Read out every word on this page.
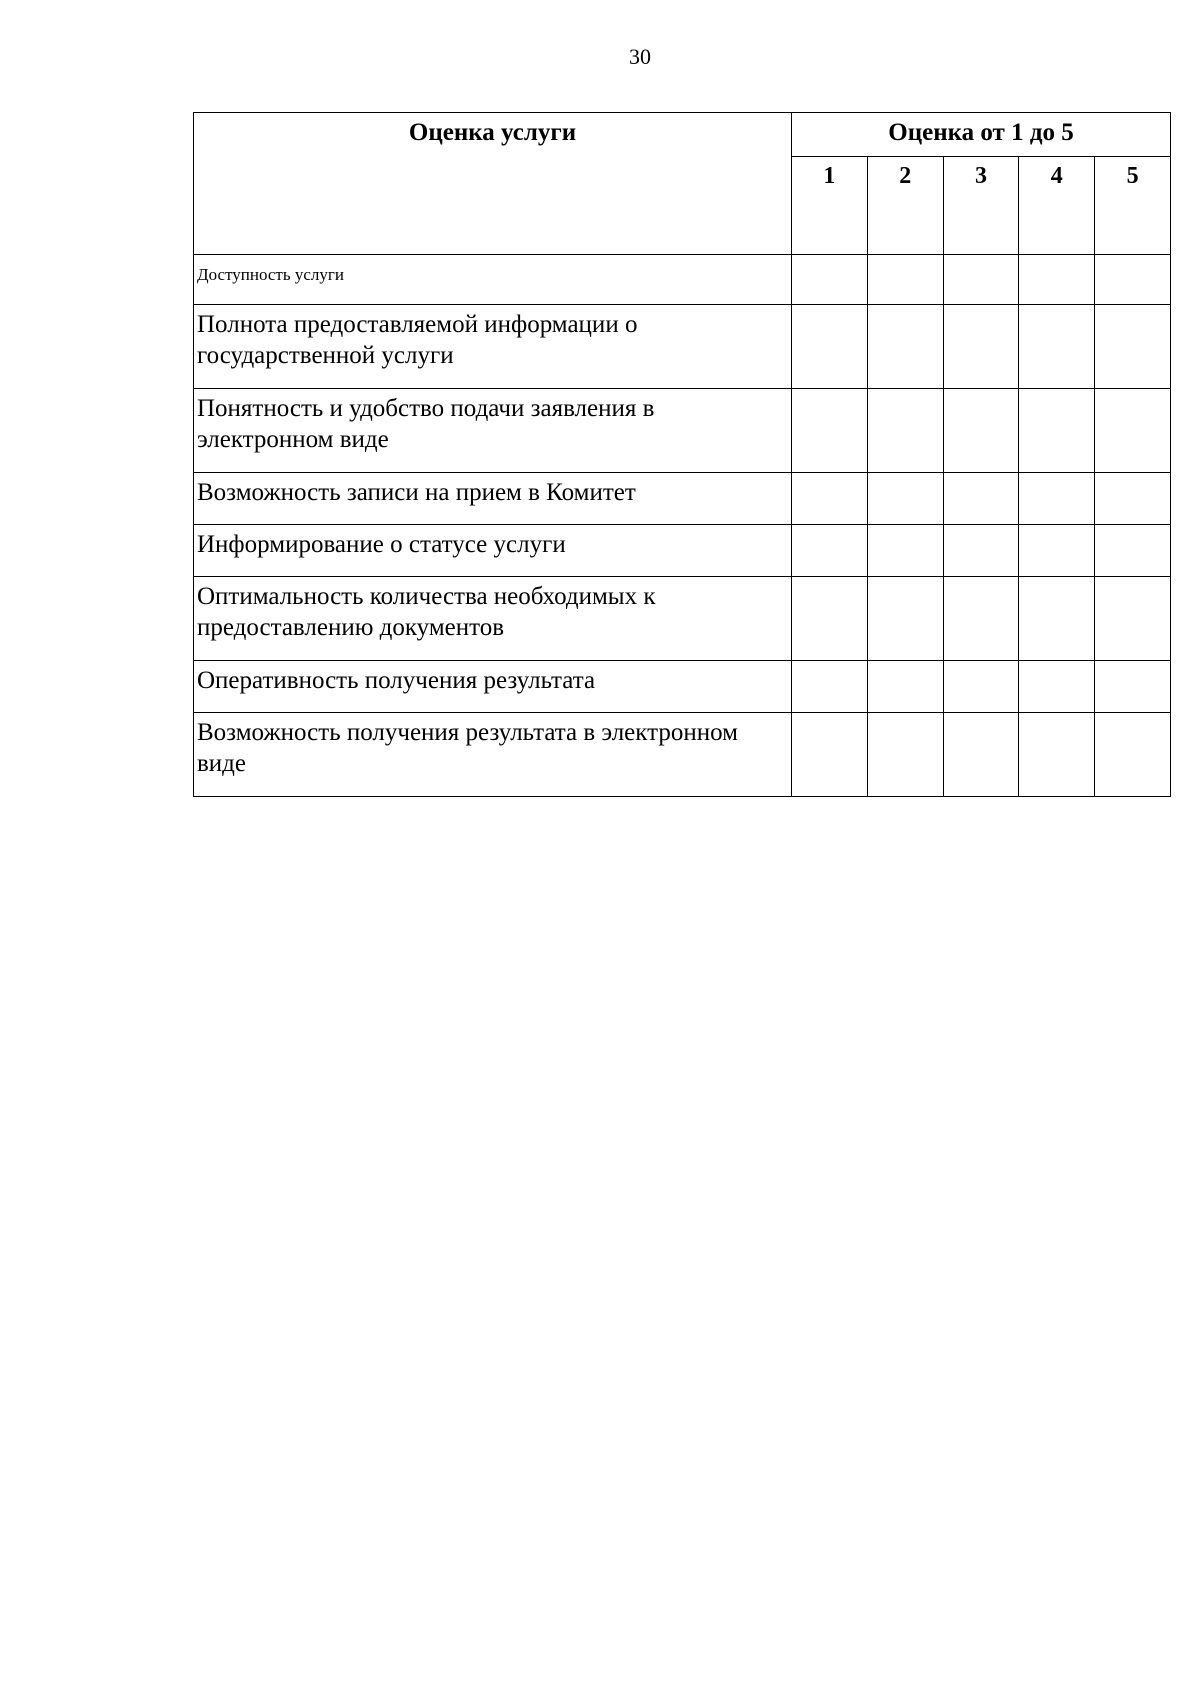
30
Оценка услуги	Оценка от 1 до 5				
	1	2	3	4	5
Доступность услуги					
Полнота предоставляемой информации о государственной услуги					
Понятность и удобство подачи заявления в электронном виде					
Возможность записи на прием в Комитет					
Информирование о статусе услуги					
Оптимальность количества необходимых к предоставлению документов					
Оперативность получения результата					
Возможность получения результата в электронном виде					
